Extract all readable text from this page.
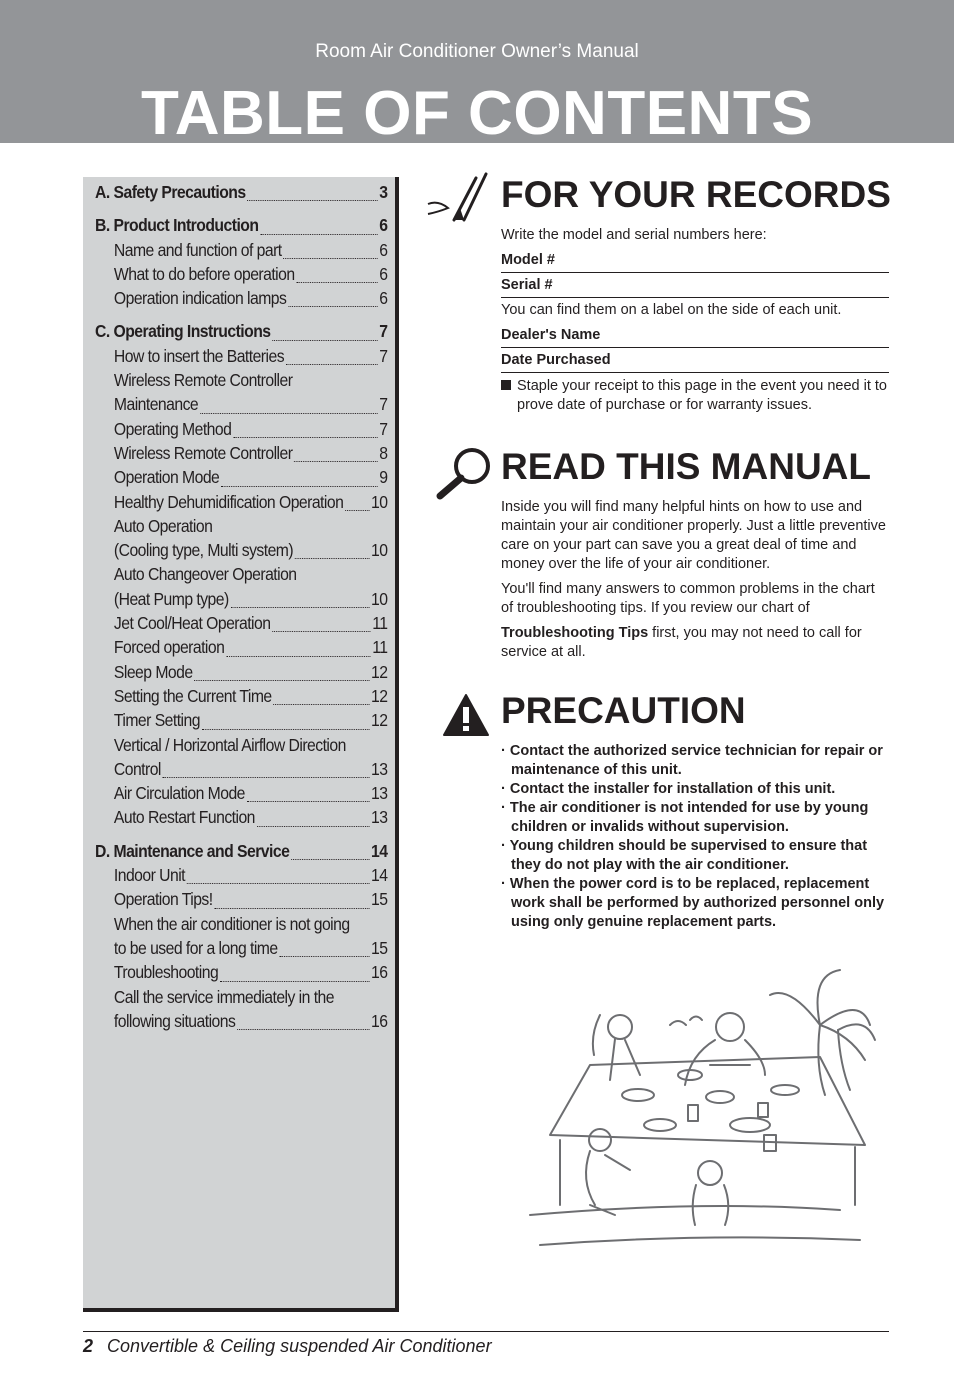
Room Air Conditioner Owner’s Manual
TABLE OF CONTENTS
A. Safety Precautions	3
B. Product Introduction	6
Name and function of part	6
What to do before operation	6
Operation indication lamps	6
C. Operating Instructions	7
How to insert the Batteries	7
Wireless Remote Controller
Maintenance	7
Operating Method	7
Wireless Remote Controller	8
Operation Mode	9
Healthy Dehumidification Operation 10
Auto Operation
(Cooling type, Multi system)	10
Auto Changeover Operation
(Heat Pump type)	10
Jet Cool/Heat Operation	11
Forced operation	11
Sleep Mode	12
Setting the Current Time	12
Timer Setting	12
Vertical / Horizontal Airflow Direction
Control	13
Air Circulation Mode	13
Auto Restart Function	13
D. Maintenance and Service	14
Indoor Unit	14
Operation Tips!	15
When the air conditioner is not going
to be used for a long time	15
Troubleshooting	16
Call the service immediately in the
following situations	16
FOR YOUR RECORDS
Write the model and serial numbers here:
Model #
Serial #
You can find them on a label on the side of each unit.
Dealer's Name
Date Purchased
Staple your receipt to this page in the event you need it to prove date of purchase or for warranty issues.
READ THIS MANUAL

Inside you will find many helpful hints on how to use and maintain your air conditioner properly. Just a little preventive care on your part can save you a great deal of time and money over the life of your air conditioner.

You'll find many answers to common problems in the chart of troubleshooting tips. If you review our chart of

Troubleshooting Tips first, you may not need to call for service at all.

PRECAUTION
· Contact the authorized service technician for repair or maintenance of this unit.
· Contact the installer for installation of this unit.
· The air conditioner is not intended for use by young children or invalids without supervision.
· Young children should be supervised to ensure that they do not play with the air conditioner.
· When the power cord is to be replaced, replacement work shall be performed by authorized personnel only using only genuine replacement parts.
2 Convertible & Ceiling suspended Air Conditioner
